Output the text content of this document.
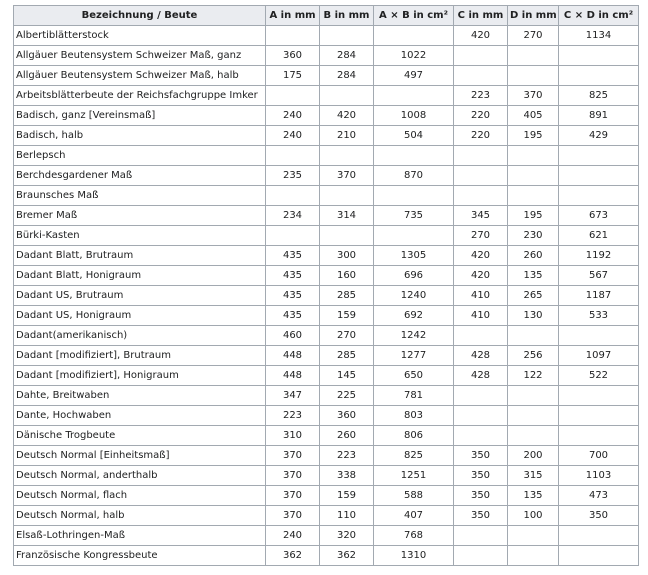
Bezeichnung / Beute	A in mm	B in mm	A × B in cm²	C in mm	D in mm	C × D in cm²
Albertiblätterstock				420	270	1134
Allgäuer Beutensystem Schweizer Maß, ganz	360	284	1022			
Allgäuer Beutensystem Schweizer Maß, halb	175	284	497			
Arbeitsblätterbeute der Reichsfachgruppe Imker				223	370	825
Badisch, ganz [Vereinsmaß]	240	420	1008	220	405	891
Badisch, halb	240	210	504	220	195	429
Berlepsch						
Berchdesgardener Maß	235	370	870			
Braunsches Maß						
Bremer Maß	234	314	735	345	195	673
Bürki-Kasten				270	230	621
Dadant Blatt, Brutraum	435	300	1305	420	260	1192
Dadant Blatt, Honigraum	435	160	696	420	135	567
Dadant US, Brutraum	435	285	1240	410	265	1187
Dadant US, Honigraum	435	159	692	410	130	533
Dadant(amerikanisch)	460	270	1242			
Dadant [modifiziert], Brutraum	448	285	1277	428	256	1097
Dadant [modifiziert], Honigraum	448	145	650	428	122	522
Dahte, Breitwaben	347	225	781			
Dante, Hochwaben	223	360	803			
Dänische Trogbeute	310	260	806			
Deutsch Normal [Einheitsmaß]	370	223	825	350	200	700
Deutsch Normal, anderthalb	370	338	1251	350	315	1103
Deutsch Normal, flach	370	159	588	350	135	473
Deutsch Normal, halb	370	110	407	350	100	350
Elsaß-Lothringen-Maß	240	320	768			
Französische Kongressbeute	362	362	1310			
